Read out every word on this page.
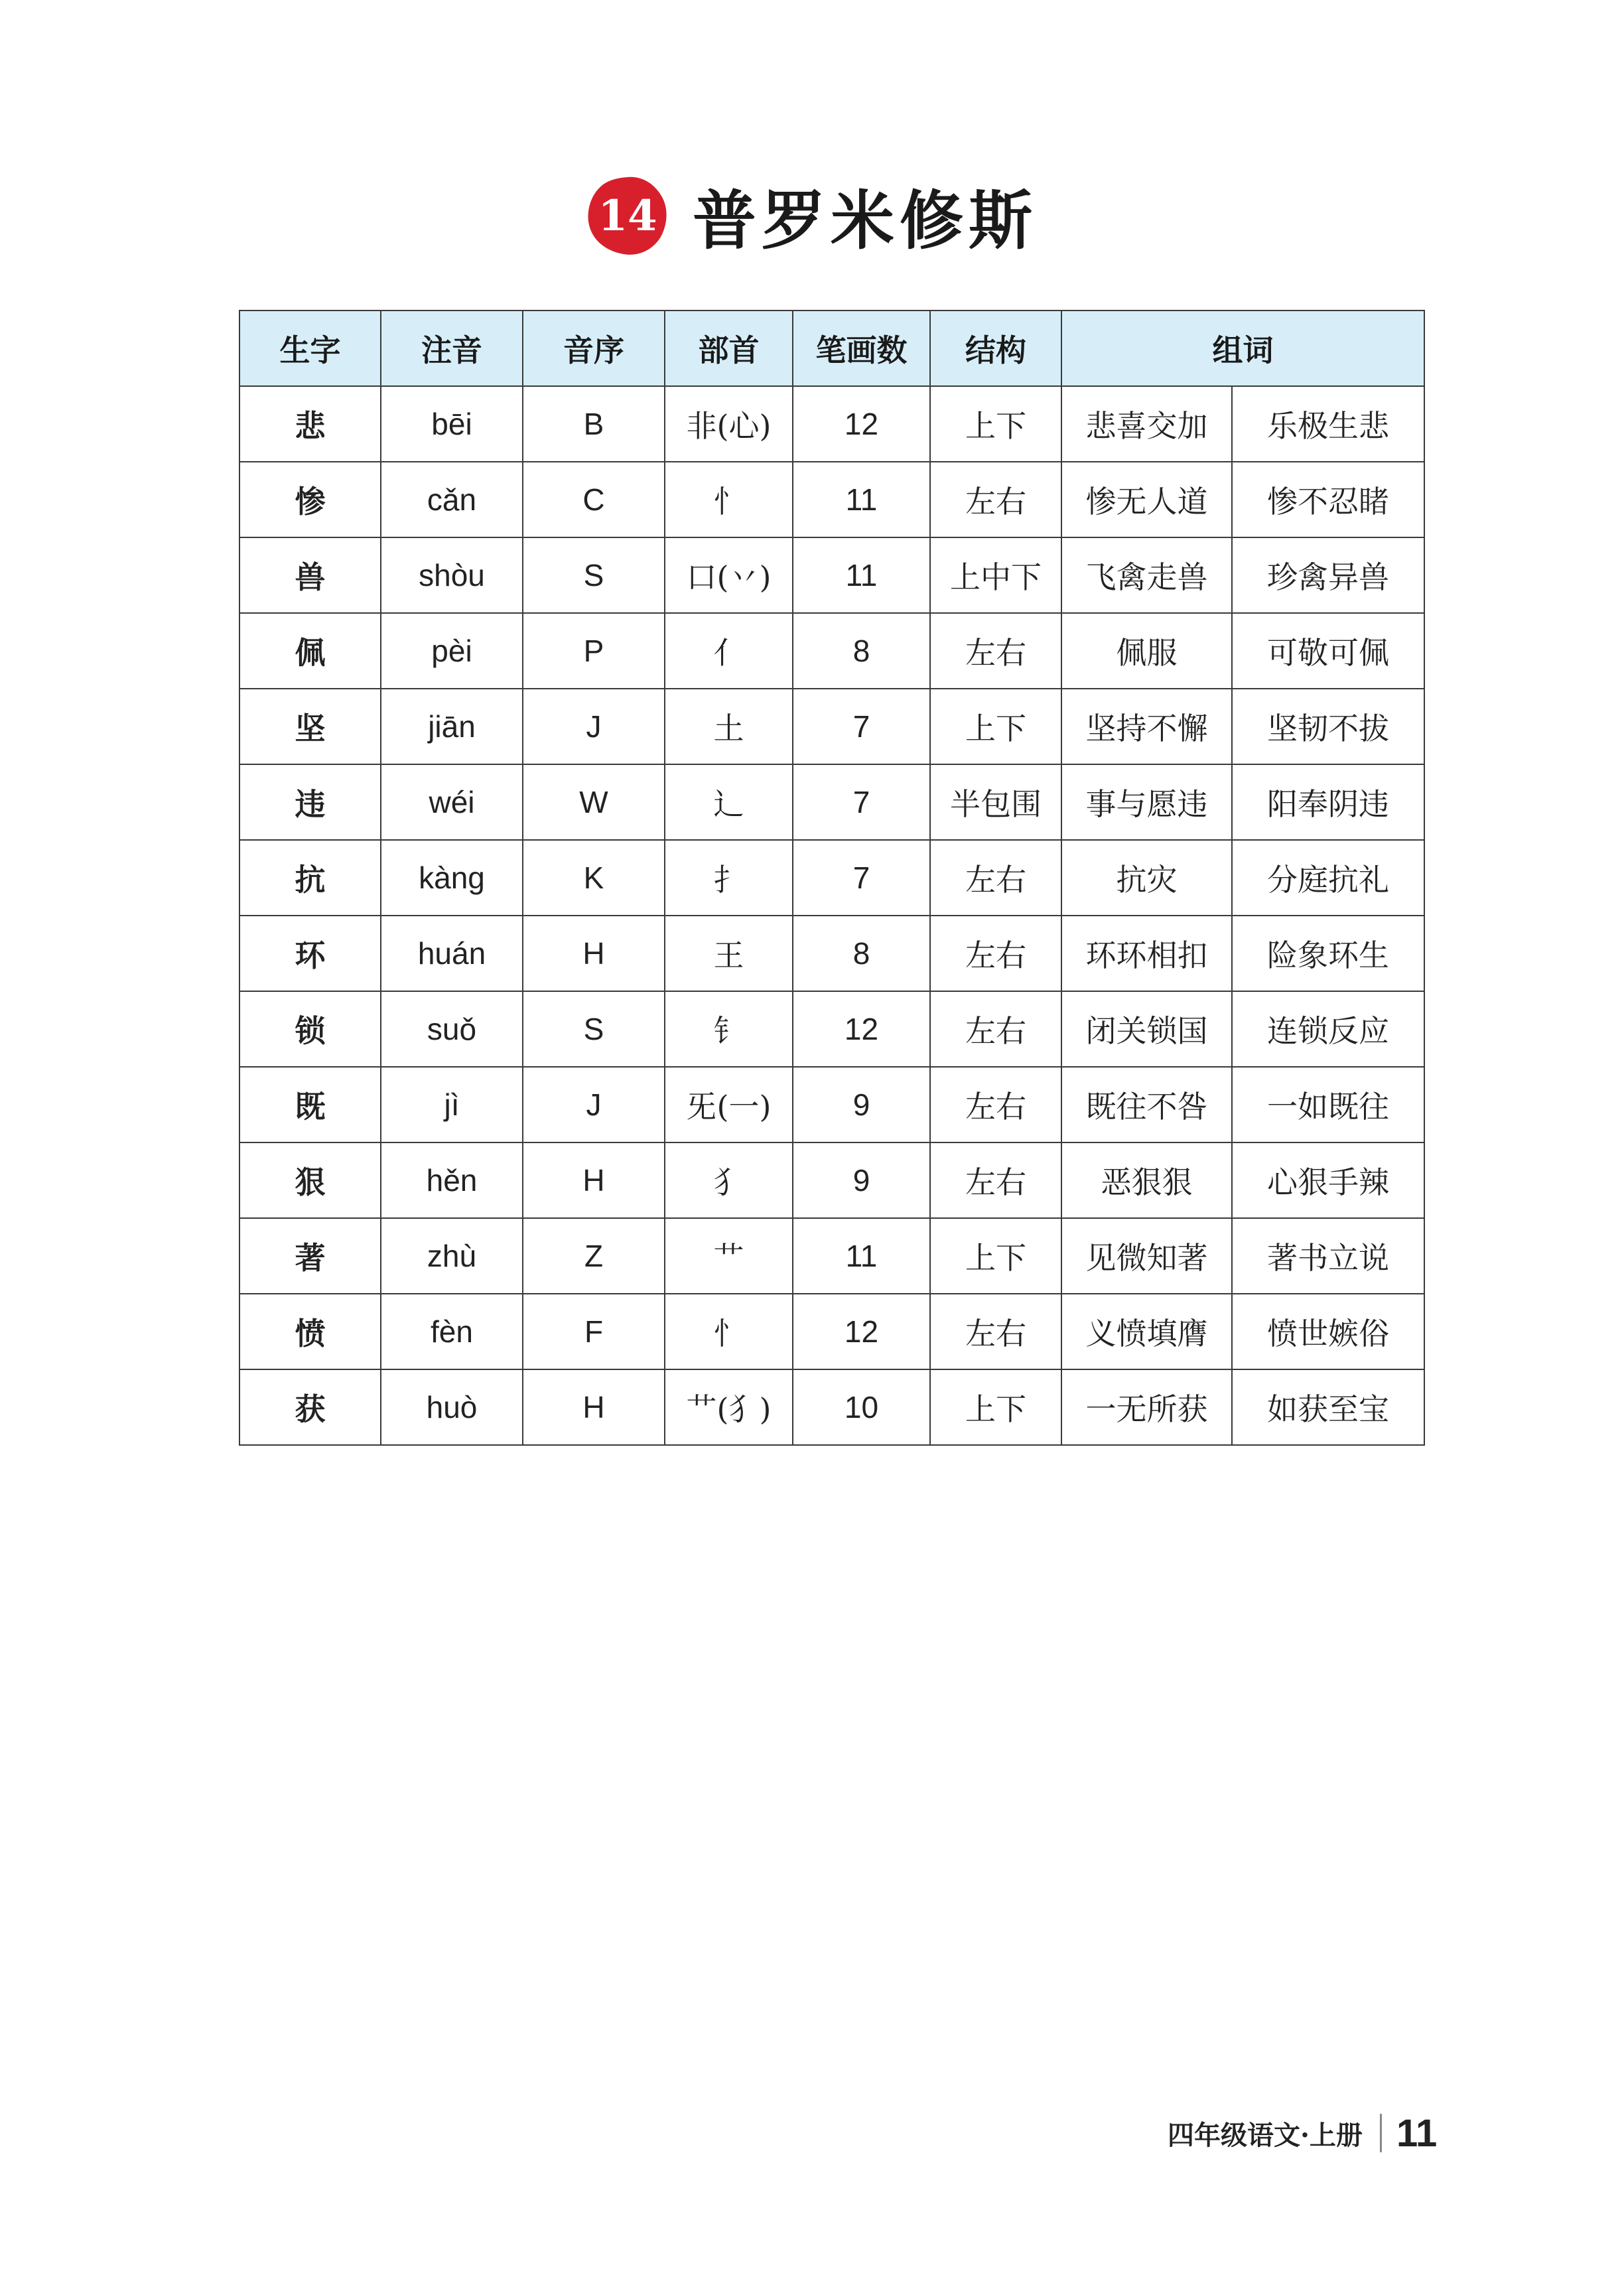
14 普罗米修斯
生字	注音	音序	部首	笔画数	结构	组词	
悲	bēi	B	非(心)	12	上下	悲喜交加	乐极生悲
惨	cǎn	C	忄	11	左右	惨无人道	惨不忍睹
兽	shòu	S	口(丷)	11	上中下	飞禽走兽	珍禽异兽
佩	pèi	P	亻	8	左右	佩服	可敬可佩
坚	jiān	J	土	7	上下	坚持不懈	坚韧不拔
违	wéi	W	辶	7	半包围	事与愿违	阳奉阴违
抗	kàng	K	扌	7	左右	抗灾	分庭抗礼
环	huán	H	王	8	左右	环环相扣	险象环生
锁	suǒ	S	钅	12	左右	闭关锁国	连锁反应
既	jì	J	旡(一)	9	左右	既往不咎	一如既往
狠	hěn	H	犭	9	左右	恶狠狠	心狠手辣
著	zhù	Z	艹	11	上下	见微知著	著书立说
愤	fèn	F	忄	12	左右	义愤填膺	愤世嫉俗
获	huò	H	艹(犭)	10	上下	一无所获	如获至宝
四年级语文·上册 11
